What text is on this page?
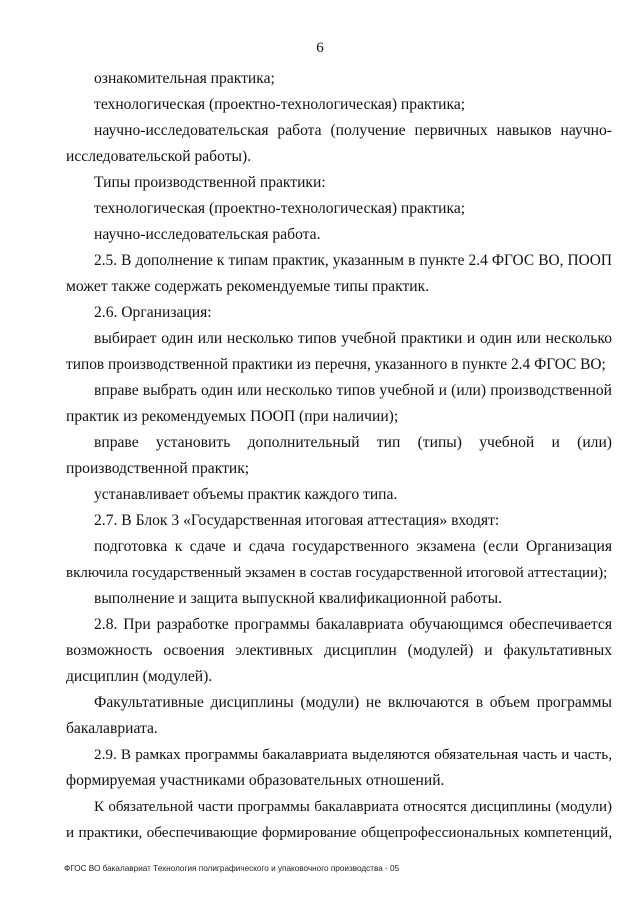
6
ознакомительная практика;
технологическая (проектно-технологическая) практика;
научно-исследовательская работа (получение первичных навыков научно-
исследовательской работы).
Типы производственной практики:
технологическая (проектно-технологическая) практика;
научно-исследовательская работа.
2.5. В дополнение к типам практик, указанным в пункте 2.4 ФГОС ВО, ПООП
может также содержать рекомендуемые типы практик.
2.6. Организация:
выбирает один или несколько типов учебной практики и один или несколько
типов производственной практики из перечня, указанного в пункте 2.4 ФГОС ВО;
вправе выбрать один или несколько типов учебной и (или) производственной
практик из рекомендуемых ПООП (при наличии);
вправе установить дополнительный тип (типы) учебной и (или)
производственной практик;
устанавливает объемы практик каждого типа.
2.7. В Блок 3 «Государственная итоговая аттестация» входят:
подготовка к сдаче и сдача государственного экзамена (если Организация
включила государственный экзамен в состав государственной итоговой аттестации);
выполнение и защита выпускной квалификационной работы.
2.8. При разработке программы бакалавриата обучающимся обеспечивается
возможность освоения элективных дисциплин (модулей) и факультативных
дисциплин (модулей).
Факультативные дисциплины (модули) не включаются в объем программы
бакалавриата.
2.9. В рамках программы бакалавриата выделяются обязательная часть и часть,
формируемая участниками образовательных отношений.
К обязательной части программы бакалавриата относятся дисциплины (модули)
и практики, обеспечивающие формирование общепрофессиональных компетенций,
ФГОС ВО бакалавриат Технология полиграфического и упаковочного производства - 05
